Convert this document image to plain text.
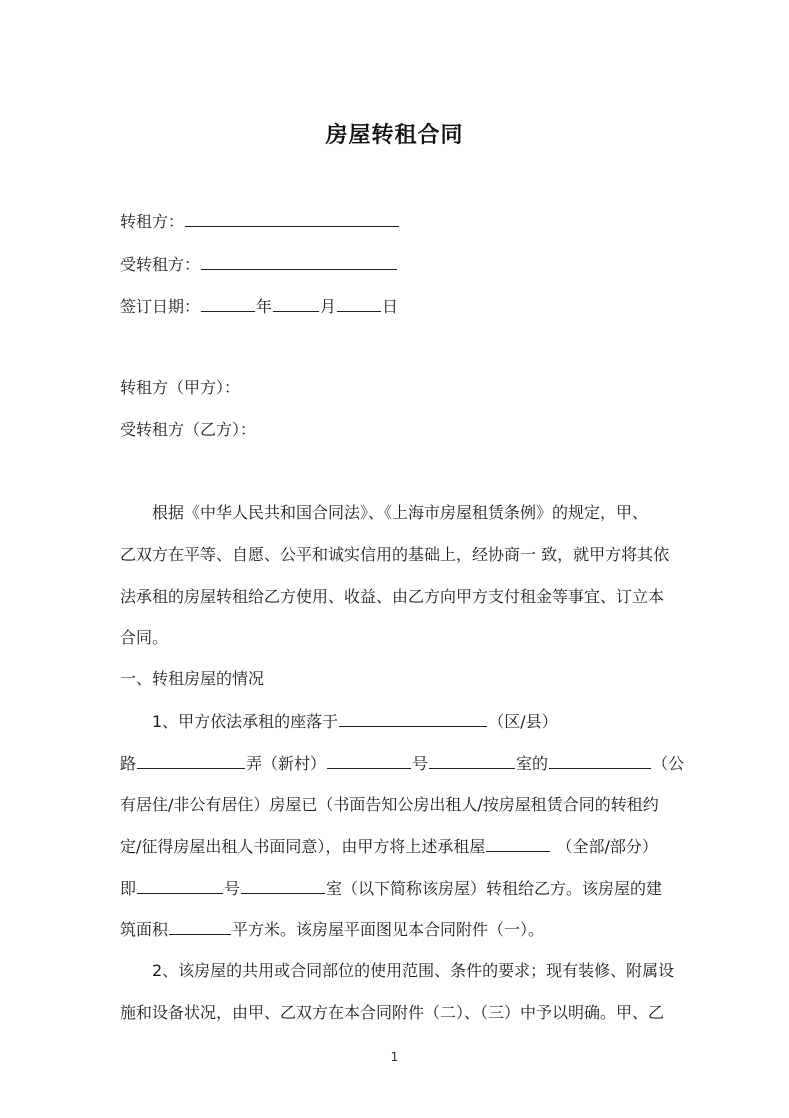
房屋转租合同
转租方：
受转租方：
签订日期：	年	月	日
转租方（甲方）：
受转租方（乙方）：
根据《中华人民共和国合同法》、《上海市房屋租赁条例》的规定，甲、
乙双方在平等、自愿、公平和诚实信用的基础上，经协商一 致，就甲方将其依
法承租的房屋转租给乙方使用、收益、由乙方向甲方支付租金等事宜、订立本
合同。
一、转租房屋的情况
1、甲方依法承租的座落于	（区/县）
路	弄（新村）	号	室的	（公
有居住/非公有居住）房屋已（书面告知公房出租人/按房屋租赁合同的转租约
定/征得房屋出租人书面同意），由甲方将上述承租屋	（全部/部分）
即	号	室（以下简称该房屋）转租给乙方。该房屋的建
筑面积	平方米。该房屋平面图见本合同附件（一）。
2、该房屋的共用或合同部位的使用范围、条件的要求；现有装修、附属设
施和设备状况，由甲、乙双方在本合同附件（二）、（三）中予以明确。甲、乙
1
